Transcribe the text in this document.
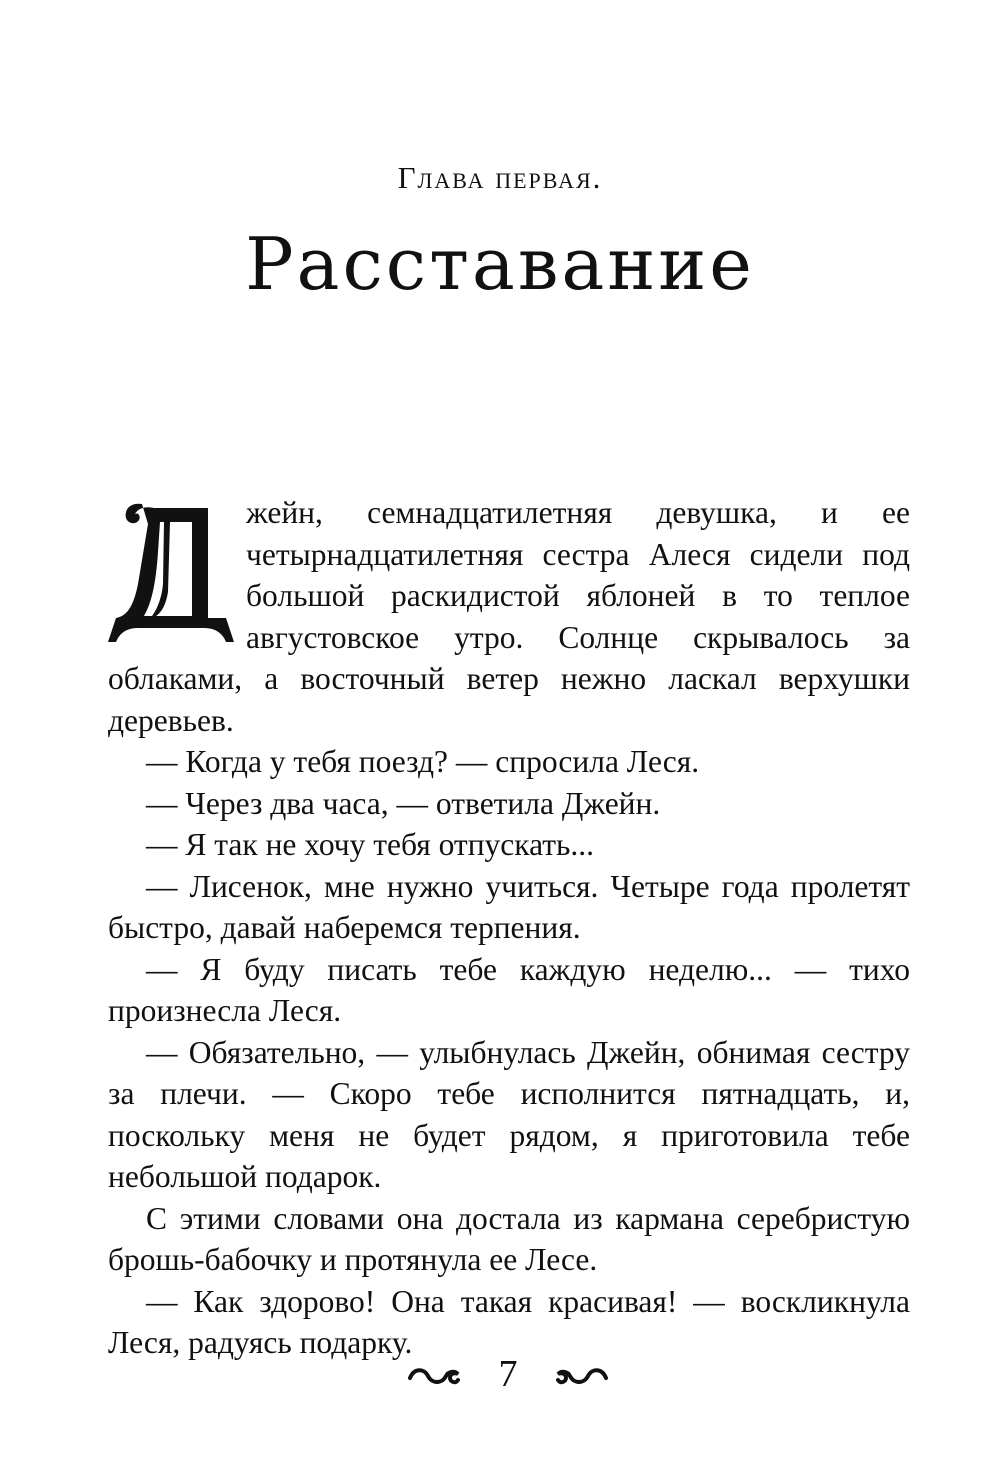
Глава первая.
Расставание

жейн, семнадцатилетняя девушка, и ее четырнадцатилетняя сестра Алеся сидели под большой раскидистой яблоней в то теплое августовское утро. Солнце скрывалось за облаками, а восточный ветер нежно ласкал верхушки деревьев.

— Когда у тебя поезд? — спросила Леся.

— Через два часа, — ответила Джейн.

— Я так не хочу тебя отпускать...

— Лисенок, мне нужно учиться. Четыре года пролетят быстро, давай наберемся терпения.

— Я буду писать тебе каждую неделю... — тихо произнесла Леся.

— Обязательно, — улыбнулась Джейн, обнимая сестру за плечи. — Скоро тебе исполнится пятнадцать, и, поскольку меня не будет рядом, я приготовила тебе небольшой подарок.

С этими словами она достала из кармана серебристую брошь-бабочку и протянула ее Лесе.

— Как здорово! Она такая красивая! — воскликнула Леся, радуясь подарку.

7
